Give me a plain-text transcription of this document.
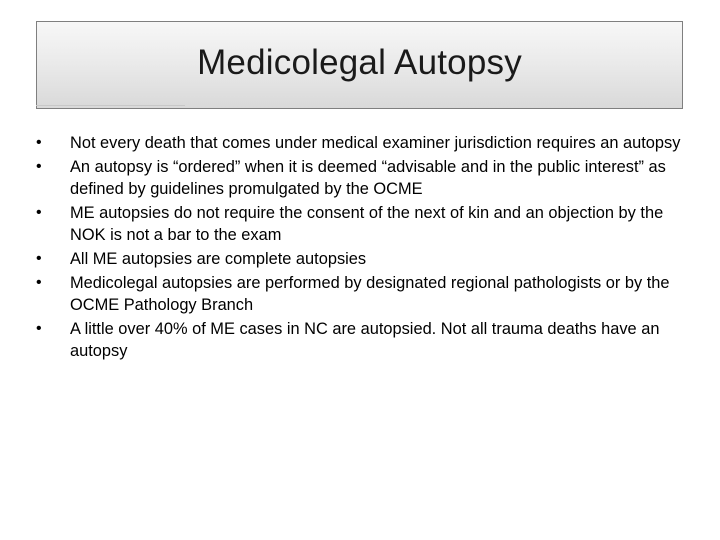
Medicolegal Autopsy
• Not every death that comes under medical examiner jurisdiction requires an autopsy
• An autopsy is “ordered” when it is deemed “advisable and in the public interest” as defined by guidelines promulgated by the OCME
• ME autopsies do not require the consent of the next of kin and an objection by the NOK is not a bar to the exam
• All ME autopsies are complete autopsies
• Medicolegal autopsies are performed by designated regional pathologists or by the OCME Pathology Branch
• A little over 40% of ME cases in NC are autopsied. Not all trauma deaths have an autopsy
